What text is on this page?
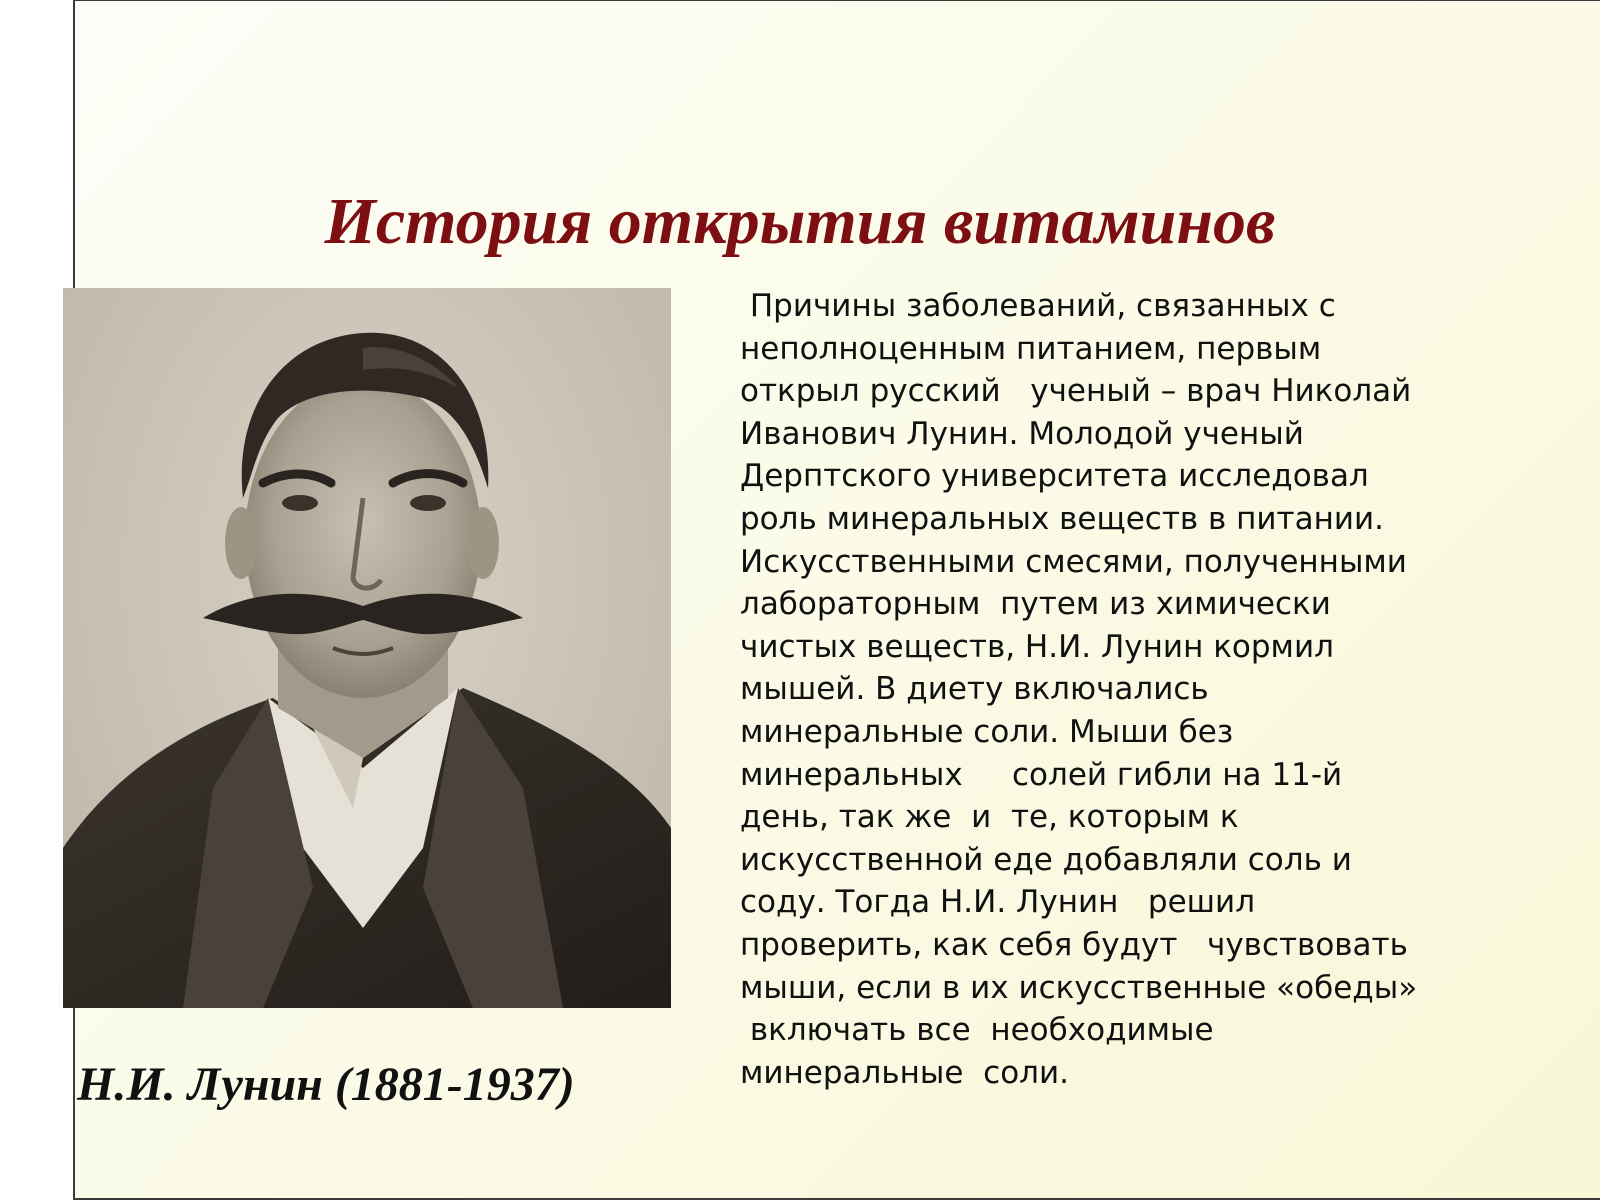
История открытия витаминов

Н.И. Лунин (1881-1937)

Причины заболеваний, связанных с
неполноценным питанием, первым
открыл русский   ученый – врач Николай
Иванович Лунин. Молодой ученый
Дерптского университета исследовал
роль минеральных веществ в питании.
Искусственными смесями, полученными
лабораторным  путем из химически
чистых веществ, Н.И. Лунин кормил
мышей. В диету включались
минеральные соли. Мыши без
минеральных     солей гибли на 11-й
день, так же  и  те, которым к
искусственной еде добавляли соль и
соду. Тогда Н.И. Лунин   решил
проверить, как себя будут   чувствовать
мыши, если в их искусственные «обеды»
включать все  необходимые
минеральные  соли.
